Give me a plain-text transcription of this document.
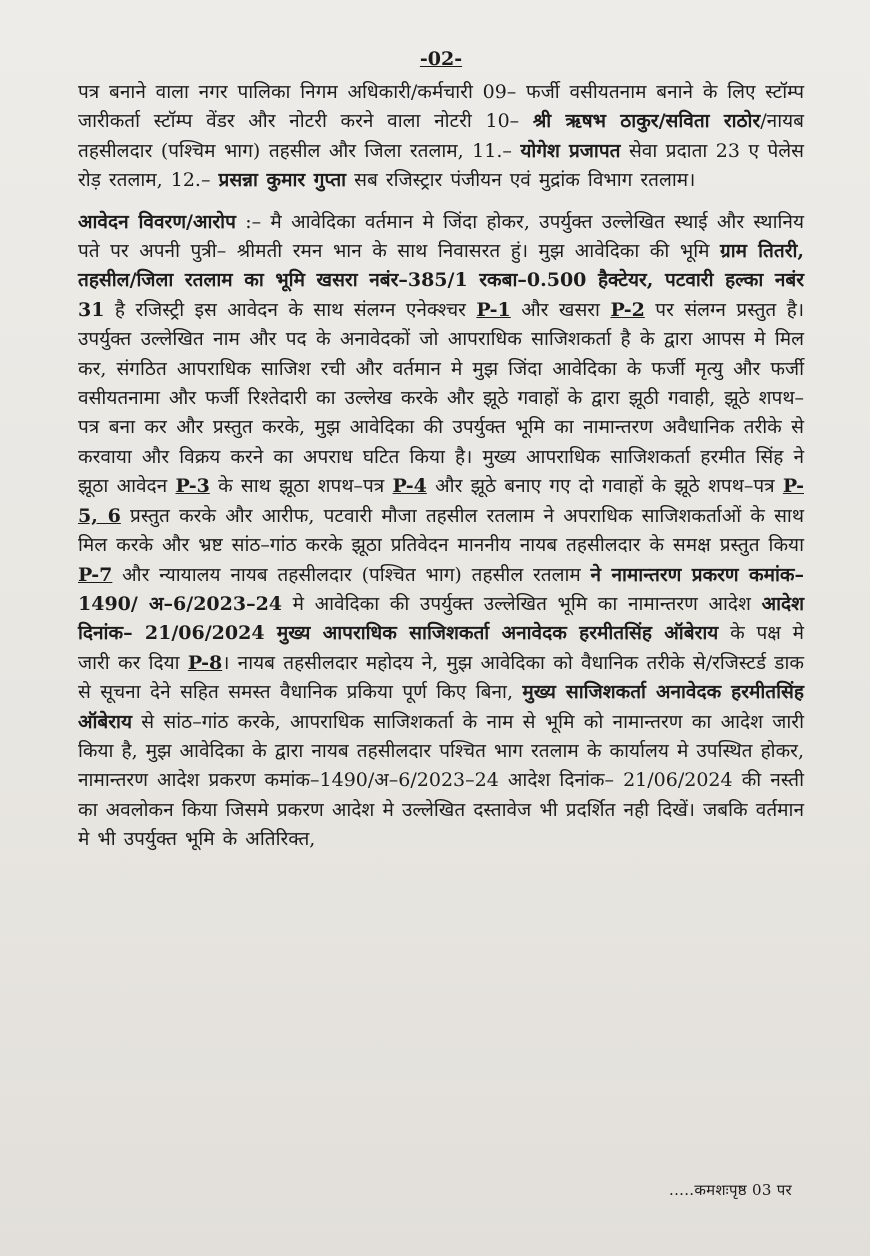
-02-

पत्र बनाने वाला नगर पालिका निगम अधिकारी/कर्मचारी 09– फर्जी वसीयतनाम बनाने के लिए स्टॉम्प जारीकर्ता स्टॉम्प वेंडर और नोटरी करने वाला नोटरी 10– श्री ऋषभ ठाकुर/सविता राठोर/नायब तहसीलदार (पश्चिम भाग) तहसील और जिला रतलाम, 11.– योगेश प्रजापत सेवा प्रदाता 23 ए पेलेस रोड़ रतलाम, 12.– प्रसन्ना कुमार गुप्ता सब रजिस्ट्रार पंजीयन एवं मुद्रांक विभाग रतलाम।

आवेदन विवरण/आरोप :– मै आवेदिका वर्तमान मे जिंदा होकर, उपर्युक्त उल्लेखित स्थाई और स्थानिय पते पर अपनी पुत्री– श्रीमती रमन भान के साथ निवासरत हुं। मुझ आवेदिका की भूमि ग्राम तितरी, तहसील/जिला रतलाम का भूमि खसरा नबंर–385/1 रकबा–0.500 हैक्टेयर, पटवारी हल्का नबंर 31 है रजिस्ट्री इस आवेदन के साथ संलग्न एनेक्श्चर P-1 और खसरा P-2 पर संलग्न प्रस्तुत है। उपर्युक्त उल्लेखित नाम और पद के अनावेदकों जो आपराधिक साजिशकर्ता है के द्वारा आपस मे मिल कर, संगठित आपराधिक साजिश रची और वर्तमान मे मुझ जिंदा आवेदिका के फर्जी मृत्यु और फर्जी वसीयतनामा और फर्जी रिश्तेदारी का उल्लेख करके और झूठे गवाहों के द्वारा झूठी गवाही, झूठे शपथ–पत्र बना कर और प्रस्तुत करके, मुझ आवेदिका की उपर्युक्त भूमि का नामान्तरण अवैधानिक तरीके से करवाया और विक्रय करने का अपराध घटित किया है। मुख्य आपराधिक साजिशकर्ता हरमीत सिंह ने झूठा आवेदन P-3 के साथ झूठा शपथ–पत्र P-4 और झूठे बनाए गए दो गवाहों के झूठे शपथ–पत्र P-5, 6 प्रस्तुत करके और आरीफ, पटवारी मौजा तहसील रतलाम ने अपराधिक साजिशकर्ताओं के साथ मिल करके और भ्रष्ट सांठ–गांठ करके झूठा प्रतिवेदन माननीय नायब तहसीलदार के समक्ष प्रस्तुत किया P-7 और न्यायालय नायब तहसीलदार (पश्चित भाग) तहसील रतलाम ने नामान्तरण प्रकरण कमांक– 1490/ अ–6/2023–24 मे आवेदिका की उपर्युक्त उल्लेखित भूमि का नामान्तरण आदेश आदेश दिनांक– 21/06/2024 मुख्य आपराधिक साजिशकर्ता अनावेदक हरमीतसिंह ऑबेराय के पक्ष मे जारी कर दिया P-8। नायब तहसीलदार महोदय ने, मुझ आवेदिका को वैधानिक तरीके से/रजिस्टर्ड डाक से सूचना देने सहित समस्त वैधानिक प्रकिया पूर्ण किए बिना, मुख्य साजिशकर्ता अनावेदक हरमीतसिंह ऑबेराय से सांठ–गांठ करके, आपराधिक साजिशकर्ता के नाम से भूमि को नामान्तरण का आदेश जारी किया है, मुझ आवेदिका के द्वारा नायब तहसीलदार पश्चित भाग रतलाम के कार्यालय मे उपस्थित होकर, नामान्तरण आदेश प्रकरण कमांक–1490/अ–6/2023–24 आदेश दिनांक– 21/06/2024 की नस्ती का अवलोकन किया जिसमे प्रकरण आदेश मे उल्लेखित दस्तावेज भी प्रदर्शित नही दिखें। जबकि वर्तमान मे भी उपर्युक्त भूमि के अतिरिक्त,

.....कमशःपृष्ठ 03 पर
